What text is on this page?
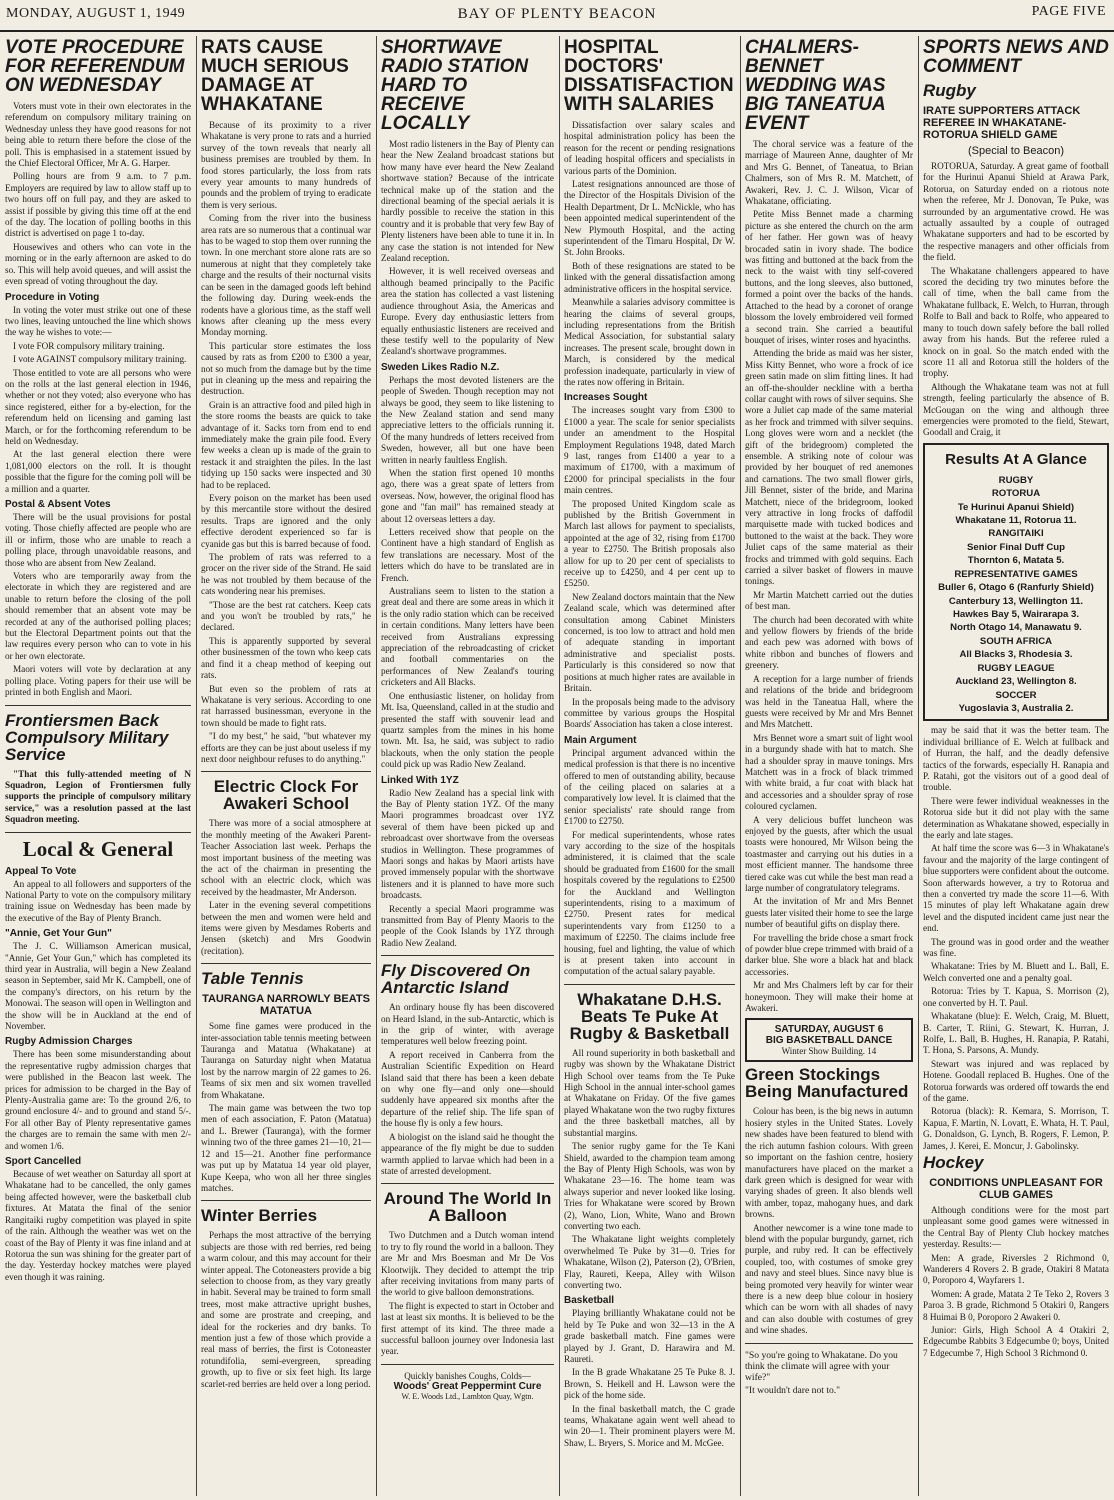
MONDAY, AUGUST 1, 1949	BAY OF PLENTY BEACON	PAGE FIVE
VOTE PROCEDURE FOR REFERENDUM ON WEDNESDAY

Voters must vote in their own electorates in the referendum on compulsory military training on Wednesday unless they have good reasons for not being able to return there before the close of the poll. This is emphasised in a statement issued by the Chief Electoral Officer, Mr A. G. Harper.

Polling hours are from 9 a.m. to 7 p.m. Employers are required by law to allow staff up to two hours off on full pay, and they are asked to assist if possible by giving this time off at the end of the day. The location of polling booths in this district is advertised on page 1 to-day.

Housewives and others who can vote in the morning or in the early afternoon are asked to do so. This will help avoid queues, and will assist the even spread of voting throughout the day.

Procedure in Voting

In voting the voter must strike out one of these two lines, leaving untouched the line which shows the way he wishes to vote:—

I vote FOR compulsory military training.

I vote AGAINST compulsory military training.

Those entitled to vote are all persons who were on the rolls at the last general election in 1946, whether or not they voted; also everyone who has since registered, either for a by-election, for the referendum held on licensing and gaming last March, or for the forthcoming referendum to be held on Wednesday.

At the last general election there were 1,081,000 electors on the roll. It is thought possible that the figure for the coming poll will be a million and a quarter.

Postal & Absent Votes

There will be the usual provisions for postal voting. Those chiefly affected are people who are ill or infirm, those who are unable to reach a polling place, through unavoidable reasons, and those who are absent from New Zealand.

Voters who are temporarily away from the electorate in which they are registered and are unable to return before the closing of the poll should remember that an absent vote may be recorded at any of the authorised polling places; but the Electoral Department points out that the law requires every person who can to vote in his or her own electorate.

Maori voters will vote by declaration at any polling place. Voting papers for their use will be printed in both English and Maori.

Frontiersmen Back Compulsory Military Service

"That this fully-attended meeting of N Squadron, Legion of Frontiersmen fully supports the principle of compulsory military service," was a resolution passed at the last Squadron meeting.

Local & General
Appeal To Vote

An appeal to all followers and supporters of the National Party to vote on the compulsory military training issue on Wednesday has been made by the executive of the Bay of Plenty Branch.

"Annie, Get Your Gun"

The J. C. Williamson American musical, "Annie, Get Your Gun," which has completed its third year in Australia, will begin a New Zealand season in September, said Mr K. Campbell, one of the company's directors, on his return by the Monowai. The season will open in Wellington and the show will be in Auckland at the end of November.

Rugby Admission Charges

There has been some misunderstanding about the representative rugby admission charges that were published in the Beacon last week. The prices for admission to be charged in the Bay of Plenty-Australia game are: To the ground 2/6, to ground enclosure 4/- and to ground and stand 5/-. For all other Bay of Plenty representative games the charges are to remain the same with men 2/- and women 1/6.

Sport Cancelled

Because of wet weather on Saturday all sport at Whakatane had to be cancelled, the only games being affected however, were the basketball club fixtures. At Matata the final of the senior Rangitaiki rugby competition was played in spite of the rain. Although the weather was wet on the coast of the Bay of Plenty it was fine inland and at Rotorua the sun was shining for the greater part of the day. Yesterday hockey matches were played even though it was raining.

RATS CAUSE MUCH SERIOUS DAMAGE AT WHAKATANE

Because of its proximity to a river Whakatane is very prone to rats and a hurried survey of the town reveals that nearly all business premises are troubled by them. In food stores particularly, the loss from rats every year amounts to many hundreds of pounds and the problem of trying to eradicate them is very serious.

Coming from the river into the business area rats are so numerous that a continual war has to be waged to stop them over running the town. In one merchant store alone rats are so numerous at night that they completely take charge and the results of their nocturnal visits can be seen in the damaged goods left behind the following day. During week-ends the rodents have a glorious time, as the staff well knows after cleaning up the mess every Monday morning.

This particular store estimates the loss caused by rats as from £200 to £300 a year, not so much from the damage but by the time put in cleaning up the mess and repairing the destruction.

Grain is an attractive food and piled high in the store rooms the beasts are quick to take advantage of it. Sacks torn from end to end immediately make the grain pile food. Every few weeks a clean up is made of the grain to restack it and straighten the piles. In the last tidying up 150 sacks were inspected and 30 had to be replaced.

Every poison on the market has been used by this mercantile store without the desired results. Traps are ignored and the only effective derodent experienced so far is cyanide gas but this is barred because of food.

The problem of rats was referred to a grocer on the river side of the Strand. He said he was not troubled by them because of the cats wondering near his premises.

"Those are the best rat catchers. Keep cats and you won't be troubled by rats," he declared.

This is apparently supported by several other businessmen of the town who keep cats and find it a cheap method of keeping out rats.

But even so the problem of rats at Whakatane is very serious. According to one rat harrassed businessman, everyone in the town should be made to fight rats.

"I do my best," he said, "but whatever my efforts are they can be just about useless if my next door neighbour refuses to do anything."

Electric Clock For Awakeri School

There was more of a social atmosphere at the monthly meeting of the Awakeri Parent-Teacher Association last week. Perhaps the most important business of the meeting was the act of the chairman in presenting the school with an electric clock, which was received by the headmaster, Mr Anderson.

Later in the evening several competitions between the men and women were held and items were given by Mesdames Roberts and Jensen (sketch) and Mrs Goodwin (recitation).

Table Tennis
TAURANGA NARROWLY BEATS MATATUA

Some fine games were produced in the inter-association table tennis meeting between Tauranga and Matatua (Whakatane) at Tauranga on Saturday night when Matatua lost by the narrow margin of 22 games to 26. Teams of six men and six women travelled from Whakatane.

The main game was between the two top men of each association, F. Paton (Matatua) and L. Brewer (Tauranga), with the former winning two of the three games 21—10, 21—12 and 15—21. Another fine performance was put up by Matatua 14 year old player, Kupe Keepa, who won all her three singles matches.

Winter Berries

Perhaps the most attractive of the berrying subjects are those with red berries, red being a warm colour, and this may account for their winter appeal. The Cotoneasters provide a big selection to choose from, as they vary greatly in habit. Several may be trained to form small trees, most make attractive upright bushes, and some are prostrate and creeping, and ideal for the rockeries and dry banks. To mention just a few of those which provide a real mass of berries, the first is Cotoneaster rotundifolia, semi-evergreen, spreading growth, up to five or six feet high. Its large scarlet-red berries are held over a long period.

SHORTWAVE RADIO STATION HARD TO RECEIVE LOCALLY

Most radio listeners in the Bay of Plenty can hear the New Zealand broadcast stations but how many have ever heard the New Zealand shortwave station? Because of the intricate technical make up of the station and the directional beaming of the special aerials it is hardly possible to receive the station in this country and it is probable that very few Bay of Plenty listeners have been able to tune it in. In any case the station is not intended for New Zealand reception.

However, it is well received overseas and although beamed principally to the Pacific area the station has collected a vast listening audience throughout Asia, the Americas and Europe. Every day enthusiastic letters from equally enthusiastic listeners are received and these testify well to the popularity of New Zealand's shortwave programmes.

Sweden Likes Radio N.Z.

Perhaps the most devoted listeners are the people of Sweden. Though reception may not always be good, they seem to like listening to the New Zealand station and send many appreciative letters to the officials running it. Of the many hundreds of letters received from Sweden, however, all but one have been written in nearly faultless English.

When the station first opened 10 months ago, there was a great spate of letters from overseas. Now, however, the original flood has gone and "fan mail" has remained steady at about 12 overseas letters a day.

Letters received show that people on the Continent have a high standard of English as few translations are necessary. Most of the letters which do have to be translated are in French.

Australians seem to listen to the station a great deal and there are some areas in which it is the only radio station which can be received in certain conditions. Many letters have been received from Australians expressing appreciation of the rebroadcasting of cricket and football commentaries on the performances of New Zealand's touring cricketers and All Blacks.

One enthusiastic listener, on holiday from Mt. Isa, Queensland, called in at the studio and presented the staff with souvenir lead and quartz samples from the mines in his home town. Mt. Isa, he said, was subject to radio blackouts, when the only station the people could pick up was Radio New Zealand.

Linked With 1YZ

Radio New Zealand has a special link with the Bay of Plenty station 1YZ. Of the many Maori programmes broadcast over 1YZ several of them have been picked up and rebroadcast over shortwave from the overseas studios in Wellington. These programmes of Maori songs and hakas by Maori artists have proved immensely popular with the shortwave listeners and it is planned to have more such broadcasts.

Recently a special Maori programme was transmitted from Bay of Plenty Maoris to the people of the Cook Islands by 1YZ through Radio New Zealand.

Fly Discovered On Antarctic Island

An ordinary house fly has been discovered on Heard Island, in the sub-Antarctic, which is in the grip of winter, with average temperatures well below freezing point.

A report received in Canberra from the Australian Scientific Expedition on Heard Island said that there has been a keen debate on why one fly—and only one—should suddenly have appeared six months after the departure of the relief ship. The life span of the house fly is only a few hours.

A biologist on the island said he thought the appearance of the fly might be due to sudden warmth applied to larvae which had been in a state of arrested development.

Around The World In A Balloon

Two Dutchmen and a Dutch woman intend to try to fly round the world in a balloon. They are Mr and Mrs Boesman and Mr De Vos Klootwijk. They decided to attempt the trip after receiving invitations from many parts of the world to give balloon demonstrations.

The flight is expected to start in October and last at least six months. It is believed to be the first attempt of its kind. The three made a successful balloon journey over Indonesia last year.

Quickly banishes Coughs, Colds—
Woods' Great Peppermint Cure
W. E. Woods Ltd., Lambton Quay, Wgtn.
HOSPITAL DOCTORS' DISSATISFACTION WITH SALARIES

Dissatisfaction over salary scales and hospital administration policy has been the reason for the recent or pending resignations of leading hospital officers and specialists in various parts of the Dominion.

Latest resignations announced are those of the Director of the Hospitals Division of the Health Department, Dr L. McNickle, who has been appointed medical superintendent of the New Plymouth Hospital, and the acting superintendent of the Timaru Hospital, Dr W. St. John Brooks.

Both of these resignations are stated to be linked with the general dissatisfaction among administrative officers in the hospital service.

Meanwhile a salaries advisory committee is hearing the claims of several groups, including representations from the British Medical Association, for substantial salary increases. The present scale, brought down in March, is considered by the medical profession inadequate, particularly in view of the rates now offering in Britain.

Increases Sought

The increases sought vary from £300 to £1000 a year. The scale for senior specialists under an amendment to the Hospital Employment Regulations 1948, dated March 9 last, ranges from £1400 a year to a maximum of £1700, with a maximum of £2000 for principal specialists in the four main centres.

The proposed United Kingdom scale as published by the British Government in March last allows for payment to specialists, appointed at the age of 32, rising from £1700 a year to £2750. The British proposals also allow for up to 20 per cent of specialists to receive up to £4250, and 4 per cent up to £5250.

New Zealand doctors maintain that the New Zealand scale, which was determined after consultation among Cabinet Ministers concerned, is too low to attract and hold men of adequate standing in important administrative and specialist posts. Particularly is this considered so now that positions at much higher rates are available in Britain.

In the proposals being made to the advisory committee by various groups the Hospital Boards' Association has taken a close interest.

Main Argument

Principal argument advanced within the medical profession is that there is no incentive offered to men of outstanding ability, because of the ceiling placed on salaries at a comparatively low level. It is claimed that the senior specialists' rate should range from £1700 to £2750.

For medical superintendents, whose rates vary according to the size of the hospitals administered, it is claimed that the scale should be graduated from £1600 for the small hospitals covered by the regulations to £2500 for the Auckland and Wellington superintendents, rising to a maximum of £2750. Present rates for medical superintendents vary from £1250 to a maximum of £2250. The claims include free housing, fuel and lighting, the value of which is at present taken into account in computation of the actual salary payable.

Whakatane D.H.S. Beats Te Puke At Rugby & Basketball

All round superiority in both basketball and rugby was shown by the Whakatane District High School over teams from the Te Puke High School in the annual inter-school games at Whakatane on Friday. Of the five games played Whakatane won the two rugby fixtures and the three basketball matches, all by substantial margins.

The senior rugby game for the Te Kani Shield, awarded to the champion team among the Bay of Plenty High Schools, was won by Whakatane 23—16. The home team was always superior and never looked like losing. Tries for Whakatane were scored by Brown (2), Wano, Lion, White, Wano and Brown converting two each.

The Whakatane light weights completely overwhelmed Te Puke by 31—0. Tries for Whakatane, Wilson (2), Paterson (2), O'Brien, Flay, Raureti, Keepa, Alley with Wilson converting two.

Basketball

Playing brilliantly Whakatane could not be held by Te Puke and won 32—13 in the A grade basketball match. Fine games were played by J. Grant, D. Harawira and M. Raureti.

In the B grade Whakatane 25 Te Puke 8. J. Brown, S. Heikell and H. Lawson were the pick of the home side.

In the final basketball match, the C grade teams, Whakatane again went well ahead to win 20—1. Their prominent players were M. Shaw, L. Bryers, S. Morice and M. McGee.

CHALMERS-BENNET WEDDING WAS BIG TANEATUA EVENT

The choral service was a feature of the marriage of Maureen Anne, daughter of Mr and Mrs G. Bennet, of Taneatua, to Brian Chalmers, son of Mrs R. M. Matchett, of Awakeri, Rev. J. C. J. Wilson, Vicar of Whakatane, officiating.

Petite Miss Bennet made a charming picture as she entered the church on the arm of her father. Her gown was of heavy brocaded satin in ivory shade. The bodice was fitting and buttoned at the back from the neck to the waist with tiny self-covered buttons, and the long sleeves, also buttoned, formed a point over the backs of the hands. Attached to the head by a coronet of orange blossom the lovely embroidered veil formed a second train. She carried a beautiful bouquet of irises, winter roses and hyacinths.

Attending the bride as maid was her sister, Miss Kitty Bennet, who wore a frock of ice green satin made on slim fitting lines. It had an off-the-shoulder neckline with a bertha collar caught with rows of silver sequins. She wore a Juliet cap made of the same material as her frock and trimmed with silver sequins. Long gloves were worn and a necklet (the gift of the bridegroom) completed the ensemble. A striking note of colour was provided by her bouquet of red anemones and carnations. The two small flower girls, Jill Bennet, sister of the bride, and Marina Matchett, niece of the bridegroom, looked very attractive in long frocks of daffodil marquisette made with tucked bodices and buttoned to the waist at the back. They wore Juliet caps of the same material as their frocks and trimmed with gold sequins. Each carried a silver basket of flowers in mauve tonings.

Mr Martin Matchett carried out the duties of best man.

The church had been decorated with white and yellow flowers by friends of the bride and each pew was adorned with bows of white ribbon and bunches of flowers and greenery.

A reception for a large number of friends and relations of the bride and bridegroom was held in the Taneatua Hall, where the guests were received by Mr and Mrs Bennet and Mrs Matchett.

Mrs Bennet wore a smart suit of light wool in a burgundy shade with hat to match. She had a shoulder spray in mauve tonings. Mrs Matchett was in a frock of black trimmed with white braid, a fur coat with black hat and accessories and a shoulder spray of rose coloured cyclamen.

A very delicious buffet luncheon was enjoyed by the guests, after which the usual toasts were honoured, Mr Wilson being the toastmaster and carrying out his duties in a most efficient manner. The handsome three tiered cake was cut while the best man read a large number of congratulatory telegrams.

At the invitation of Mr and Mrs Bennet guests later visited their home to see the large number of beautiful gifts on display there.

For travelling the bride chose a smart frock of powder blue crepe trimmed with braid of a darker blue. She wore a black hat and black accessories.

Mr and Mrs Chalmers left by car for their honeymoon. They will make their home at Awakeri.

SATURDAY, AUGUST 6
BIG BASKETBALL DANCE
Winter Show Building. 14
Green Stockings Being Manufactured

Colour has been, is the big news in autumn hosiery styles in the United States. Lovely new shades have been featured to blend with the rich autumn fashion colours. With green so important on the fashion centre, hosiery manufacturers have placed on the market a dark green which is designed for wear with varying shades of green. It also blends well with amber, topaz, mahogany hues, and dark browns.

Another newcomer is a wine tone made to blend with the popular burgundy, garnet, rich purple, and ruby red. It can be effectively coupled, too, with costumes of smoke grey and navy and steel blues. Since navy blue is being promoted very heavily for winter wear there is a new deep blue colour in hosiery which can be worn with all shades of navy and can also double with costumes of grey and wine shades.

"So you're going to Whakatane. Do you think the climate will agree with your wife?"
"It wouldn't dare not to."
SPORTS NEWS AND COMMENT
Rugby
IRATE SUPPORTERS ATTACK REFEREE IN WHAKATANE-ROTORUA SHIELD GAME
(Special to Beacon)

ROTORUA, Saturday. A great game of football for the Hurinui Apanui Shield at Arawa Park, Rotorua, on Saturday ended on a riotous note when the referee, Mr J. Donovan, Te Puke, was surrounded by an argumentative crowd. He was actually assaulted by a couple of outraged Whakatane supporters and had to be escorted by the respective managers and other officials from the field.

The Whakatane challengers appeared to have scored the deciding try two minutes before the call of time, when the ball came from the Whakatane fullback, E. Welch, to Hurran, through Rolfe to Ball and back to Rolfe, who appeared to many to touch down safely before the ball rolled away from his hands. But the referee ruled a knock on in goal. So the match ended with the score 11 all and Rotorua still the holders of the trophy.

Although the Whakatane team was not at full strength, feeling particularly the absence of B. McGougan on the wing and although three emergencies were promoted to the field, Stewart, Goodall and Craig, it

Results At A Glance
RUGBY
ROTORUA
Te Hurinui Apanui Shield)
Whakatane 11, Rotorua 11.
RANGITAIKI
Senior Final Duff Cup
Thornton 6, Matata 5.
REPRESENTATIVE GAMES
Buller 6, Otago 6 (Ranfurly Shield)
Canterbury 13, Wellington 11.
Hawkes Bay 5, Wairarapa 3.
North Otago 14, Manawatu 9.
SOUTH AFRICA
All Blacks 3, Rhodesia 3.
RUGBY LEAGUE
Auckland 23, Wellington 8.
SOCCER
Yugoslavia 3, Australia 2.

may be said that it was the better team. The individual brilliance of E. Welch at fullback and of Hurran, the half, and the deadly defensive tactics of the forwards, especially H. Ranapia and P. Ratahi, got the visitors out of a good deal of trouble.

There were fewer individual weaknesses in the Rotorua side but it did not play with the same determination as Whakatane showed, especially in the early and late stages.

At half time the score was 6—3 in Whakatane's favour and the majority of the large contingent of blue supporters were confident about the outcome. Soon afterwards however, a try to Rotorua and then a converted try made the score 11—6. With 15 minutes of play left Whakatane again drew level and the disputed incident came just near the end.

The ground was in good order and the weather was fine.

Whakatane: Tries by M. Bluett and L. Ball, E. Welch converted one and a penalty goal.

Rotorua: Tries by T. Kapua, S. Morrison (2), one converted by H. T. Paul.

Whakatane (blue): E. Welch, Craig, M. Bluett, B. Carter, T. Riini, G. Stewart, K. Hurran, J. Rolfe, L. Ball, B. Hughes, H. Ranapia, P. Ratahi, T. Hona, S. Parsons, A. Mundy.

Stewart was injured and was replaced by Hotene. Goodall replaced B. Hughes. One of the Rotorua forwards was ordered off towards the end of the game.

Rotorua (black): R. Kemara, S. Morrison, T. Kapua, F. Martin, N. Lovatt, E. Whata, H. T. Paul, G. Donaldson, G. Lynch, B. Rogers, F. Lemon, P. James, J. Kerei, E. Moncur, J. Gabolinsky.

Hockey
CONDITIONS UNPLEASANT FOR CLUB GAMES

Although conditions were for the most part unpleasant some good games were witnessed in the Central Bay of Plenty Club hockey matches yesterday. Results:—

Men: A grade, Riversles 2 Richmond 0, Wanderers 4 Rovers 2. B grade, Otakiri 8 Matata 0, Poroporo 4, Wayfarers 1.

Women: A grade, Matata 2 Te Teko 2, Rovers 3 Paroa 3. B grade, Richmond 5 Otakiri 0, Rangers 8 Huimai B 0, Poroporo 2 Awakeri 0.

Junior: Girls, High School A 4 Otakiri 2, Edgecumbe Rabbits 3 Edgecumbe 0; boys, United 7 Edgecumbe 7, High School 3 Richmond 0.
